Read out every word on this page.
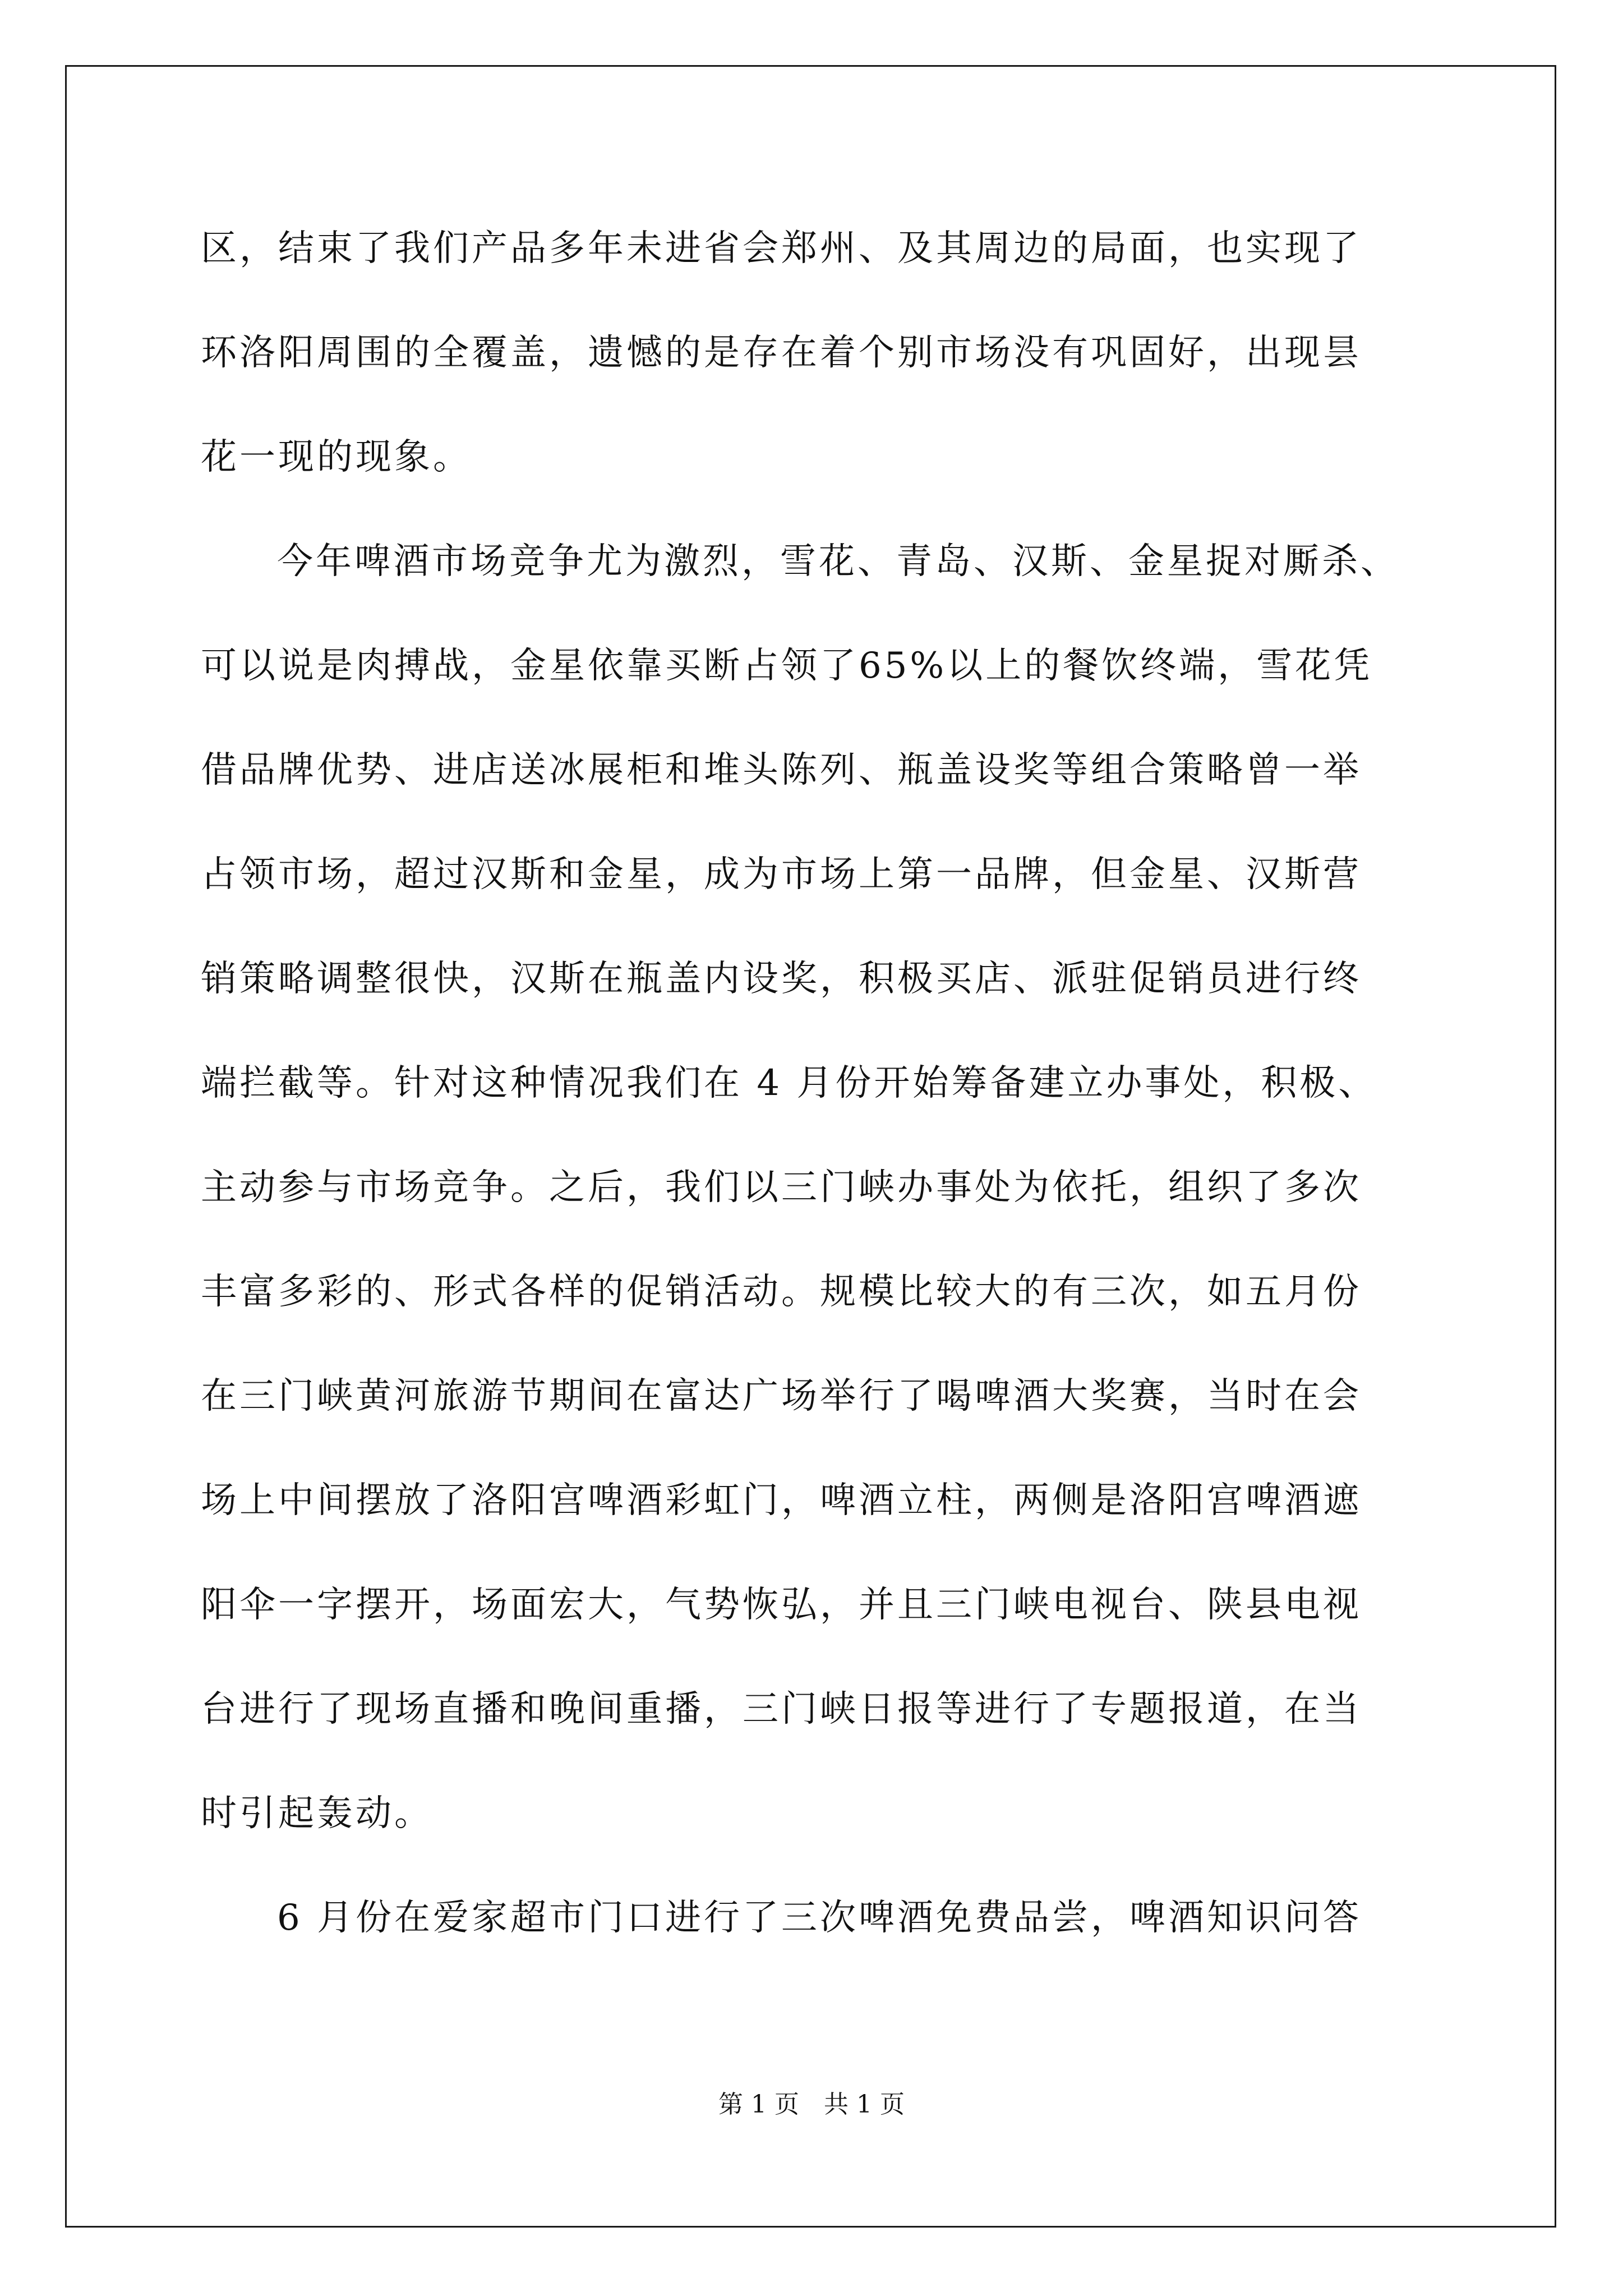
区，结束了我们产品多年未进省会郑州、及其周边的局面，也实现了
环洛阳周围的全覆盖，遗憾的是存在着个别市场没有巩固好，出现昙
花一现的现象。
今年啤酒市场竞争尤为激烈，雪花、青岛、汉斯、金星捉对厮杀、
可以说是肉搏战，金星依靠买断占领了65%以上的餐饮终端，雪花凭
借品牌优势、进店送冰展柜和堆头陈列、瓶盖设奖等组合策略曾一举
占领市场，超过汉斯和金星，成为市场上第一品牌，但金星、汉斯营
销策略调整很快，汉斯在瓶盖内设奖，积极买店、派驻促销员进行终
端拦截等。针对这种情况我们在 4 月份开始筹备建立办事处，积极、
主动参与市场竞争。之后，我们以三门峡办事处为依托，组织了多次
丰富多彩的、形式各样的促销活动。规模比较大的有三次，如五月份
在三门峡黄河旅游节期间在富达广场举行了喝啤酒大奖赛，当时在会
场上中间摆放了洛阳宫啤酒彩虹门，啤酒立柱，两侧是洛阳宫啤酒遮
阳伞一字摆开，场面宏大，气势恢弘，并且三门峡电视台、陕县电视
台进行了现场直播和晚间重播，三门峡日报等进行了专题报道，在当
时引起轰动。
6 月份在爱家超市门口进行了三次啤酒免费品尝，啤酒知识问答
第 1 页　共 1 页
